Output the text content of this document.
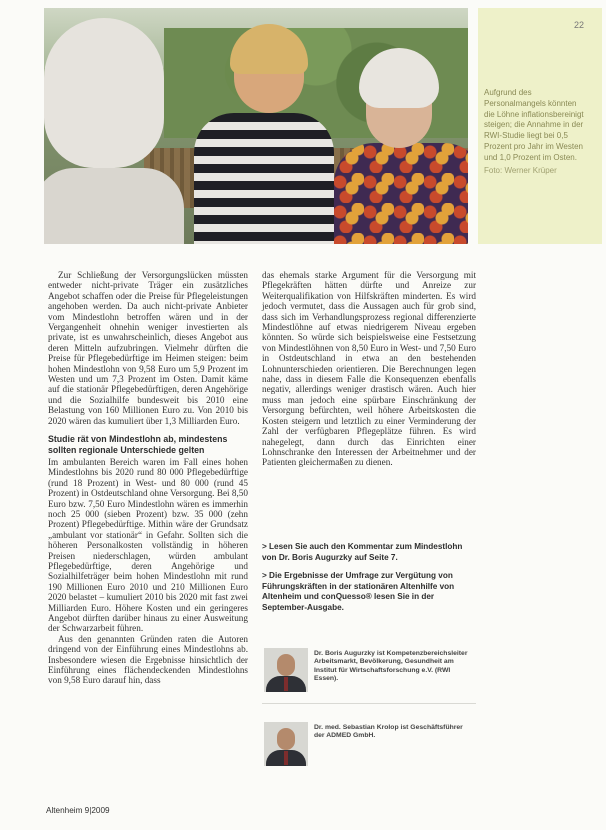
22
Aufgrund des Personalmangels könnten die Löhne inflationsbereinigt steigen; die Annahme in der RWI-Studie liegt bei 0,5 Prozent pro Jahr im Westen und 1,0 Prozent im Osten.
Foto: Werner Krüper

Zur Schließung der Versorgungslücken müssten entweder nicht-private Träger ein zusätzliches Angebot schaffen oder die Preise für Pflegeleistungen angehoben werden. Da auch nicht-private Anbieter vom Mindestlohn betroffen wären und in der Vergangenheit ohnehin weniger investierten als private, ist es unwahrscheinlich, dieses Angebot aus deren Mitteln aufzubringen. Vielmehr dürften die Preise für Pflegebedürftige im Heimen steigen: beim hohen Mindestlohn von 9,58 Euro um 5,9 Prozent im Westen und um 7,3 Prozent im Osten. Damit käme auf die stationär Pflegebedürftigen, deren Angehörige und die Sozialhilfe bundesweit bis 2010 eine Belastung von 160 Millionen Euro zu. Von 2010 bis 2020 wären das kumuliert über 1,3 Milliarden Euro.

Studie rät von Mindestlohn ab, mindestens sollten regionale Unterschiede gelten

Im ambulanten Bereich waren im Fall eines hohen Mindestlohns bis 2020 rund 80 000 Pflegebedürftige (rund 18 Prozent) in West- und 80 000 (rund 45 Prozent) in Ostdeutschland ohne Versorgung. Bei 8,50 Euro bzw. 7,50 Euro Mindestlohn wären es immerhin noch 25 000 (sieben Prozent) bzw. 35 000 (zehn Prozent) Pflegebedürftige. Mithin wäre der Grundsatz „ambulant vor stationär“ in Gefahr. Sollten sich die höheren Personalkosten vollständig in höheren Preisen niederschlagen, würden ambulant Pflegebedürftige, deren Angehörige und Sozialhilfeträger beim hohen Mindestlohn mit rund 190 Millionen Euro 2010 und 210 Millionen Euro 2020 belastet – kumuliert 2010 bis 2020 mit fast zwei Milliarden Euro. Höhere Kosten und ein geringeres Angebot dürften darüber hinaus zu einer Ausweitung der Schwarzarbeit führen.

Aus den genannten Gründen raten die Autoren dringend von der Einführung eines Mindestlohns ab. Insbesondere wiesen die Ergebnisse hinsichtlich der Einführung eines flächendeckenden Mindestlohns von 9,58 Euro darauf hin, dass

das ehemals starke Argument für die Versorgung mit Pflegekräften hätten dürfte und Anreize zur Weiterqualifikation von Hilfskräften minderten. Es wird jedoch vermutet, dass die Aussagen auch für grob sind, dass sich im Verhandlungsprozess regional differenzierte Mindestlöhne auf etwas niedrigerem Niveau ergeben könnten. So würde sich beispielsweise eine Festsetzung von Mindestlöhnen von 8,50 Euro in West- und 7,50 Euro in Ostdeutschland in etwa an den bestehenden Lohnunterschieden orientieren. Die Berechnungen legen nahe, dass in diesem Falle die Konsequenzen ebenfalls negativ, allerdings weniger drastisch wären. Auch hier muss man jedoch eine spürbare Einschränkung der Versorgung befürchten, weil höhere Arbeitskosten die Kosten steigern und letztlich zu einer Verminderung der Zahl der verfügbaren Pflegeplätze führen. Es wird nahegelegt, dann durch das Einrichten einer Lohnschranke den Interessen der Arbeitnehmer und der Patienten gleichermaßen zu dienen.

> Lesen Sie auch den Kommentar zum Mindestlohn von Dr. Boris Augurzky auf Seite 7.

> Die Ergebnisse der Umfrage zur Vergütung von Führungskräften in der stationären Altenhilfe von Altenheim und conQuesso® lesen Sie in der September-Ausgabe.

Dr. Boris Augurzky ist Kompetenzbereichsleiter Arbeitsmarkt, Bevölkerung, Gesundheit am Institut für Wirtschaftsforschung e.V. (RWI Essen).
Dr. med. Sebastian Krolop ist Geschäftsführer der ADMED GmbH.
Altenheim 9|2009
